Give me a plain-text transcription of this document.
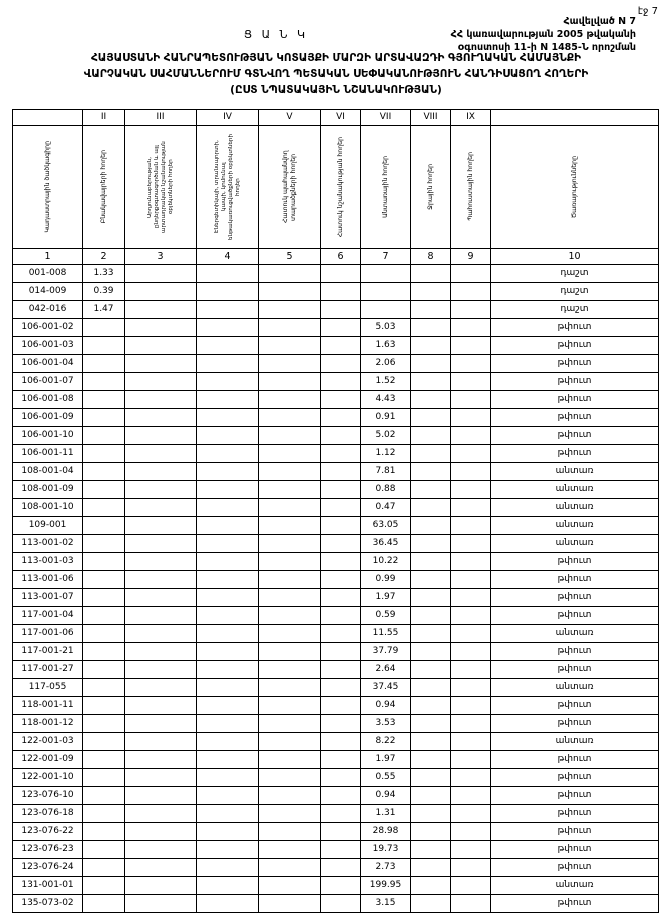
էջ 7
Հավելված N 7
ՀՀ կառավարության 2005 թվականի
oգոստոսի 11-ի N 1485-Ն որոշման
Ց Ա Ն Կ
ՀԱՅԱՍՏԱՆԻ ՀԱՆՐԱՊԵՏՈՒԹՅԱՆ ԿՈՏԱՅՔԻ ՄԱՐԶԻ ԱՐՏԱՎԱԶԴԻ ԳՅՈՒՂԱԿԱՆ ՀԱՄԱՅՆՔԻ
ՎԱՐՉԱԿԱՆ ՍԱՀՄԱՆՆԵՐՈՒՄ ԳՏՆՎՈՂ ՊԵՏԱԿԱՆ ՍԵՓԱԿԱՆՈՒԹՅՈՒՆ ՀԱՆԴԻՍԱՑՈՂ ՀՈՂԵՐԻ
(ԸՍՏ ՆՊԱՏԱԿԱՅԻՆ ՆՇԱՆԱԿՈՒԹՅԱՆ)
	II	III	IV	V	VI	VII	VIII	IX	

Կադաստրային ծածկագիրը	Բնակավայրերի հողեր	Արդյունաբերության, ընդերքօգտագործման և այլ արտադրական նշանակության օբյեկտների հողեր	Էներգետիկայի, տրանսպորտի, կապի, կոմունալ ենթակառուցվածքների օբյեկտների հողեր	Հատուկ պահպանվող տարածքների հողեր	Հատուկ նշանակության հողեր	Անտառային հողեր	Ջրային հողեր	Պահուստային հողեր	Ծառայությունները

1	2	3	4	5	6	7	8	9	10
001-008	1.33								դաշտ
014-009	0.39								դաշտ
042-016	1.47								դաշտ
106-001-02						5.03			թփուտ
106-001-03						1.63			թփուտ
106-001-04						2.06			թփուտ
106-001-07						1.52			թփուտ
106-001-08						4.43			թփուտ
106-001-09						0.91			թփուտ
106-001-10						5.02			թփուտ
106-001-11						1.12			թփուտ
108-001-04						7.81			անտառ
108-001-09						0.88			անտառ
108-001-10						0.47			անտառ
109-001						63.05			անտառ
113-001-02						36.45			անտառ
113-001-03						10.22			թփուտ
113-001-06						0.99			թփուտ
113-001-07						1.97			թփուտ
117-001-04						0.59			թփուտ
117-001-06						11.55			անտառ
117-001-21						37.79			թփուտ
117-001-27						2.64			թփուտ
117-055						37.45			անտառ
118-001-11						0.94			թփուտ
118-001-12						3.53			թփուտ
122-001-03						8.22			անտառ
122-001-09						1.97			թփուտ
122-001-10						0.55			թփուտ
123-076-10						0.94			թփուտ
123-076-18						1.31			թփուտ
123-076-22						28.98			թփուտ
123-076-23						19.73			թփուտ
123-076-24						2.73			թփուտ
131-001-01						199.95			անտառ
135-073-02						3.15			թփուտ
